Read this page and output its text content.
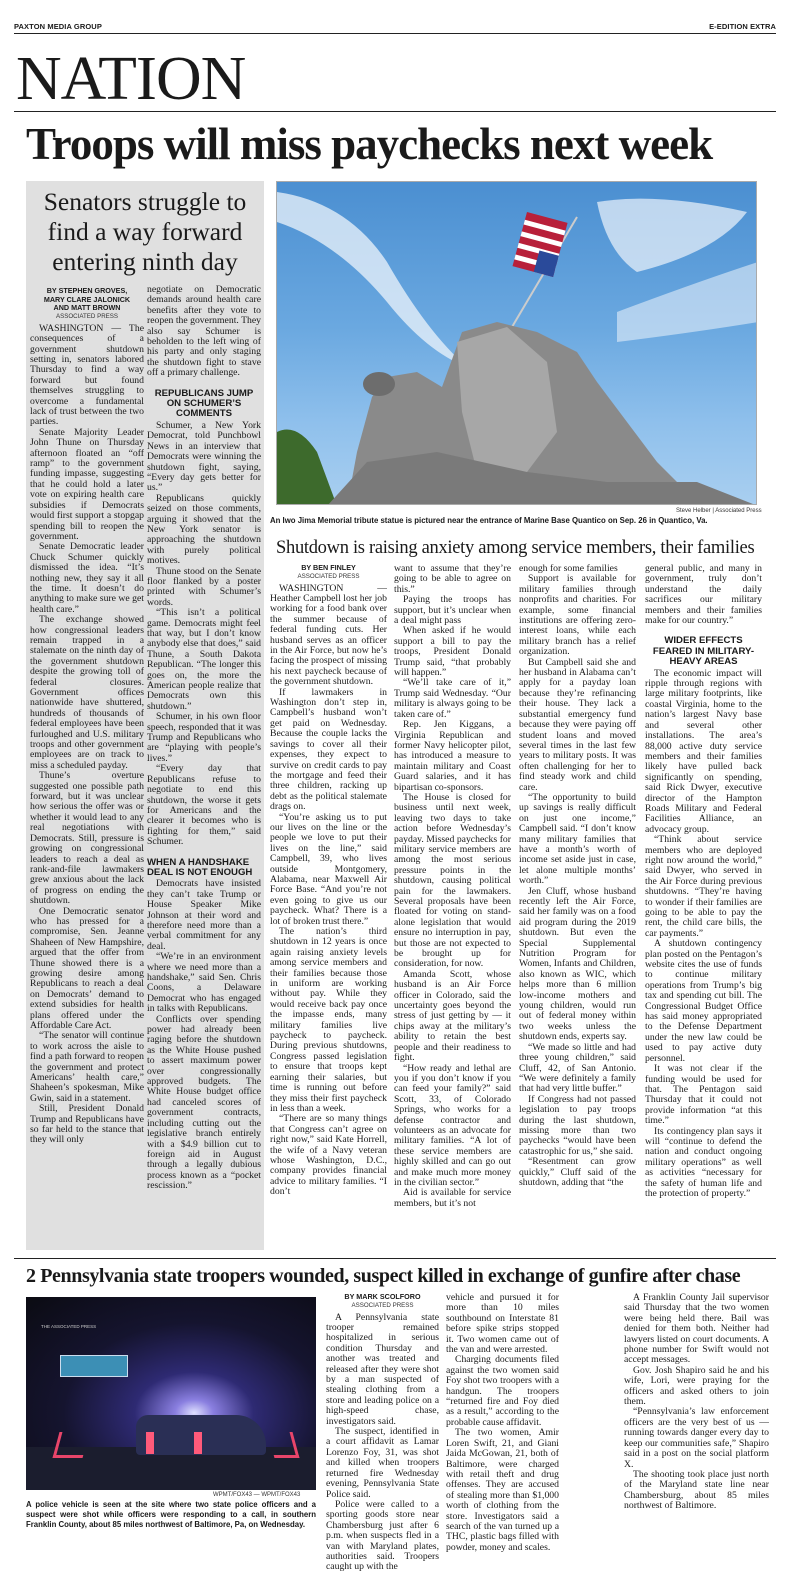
PAXTON MEDIA GROUP	E-EDITION EXTRA
NATION
Troops will miss paychecks next week
Senators struggle to find a way forward entering ninth day
BY STEPHEN GROVES,
MARY CLARE JALONICK
AND MATT BROWN
ASSOCIATED PRESS

WASHINGTON — The consequences of a government shutdown setting in, senators labored Thursday to find a way forward but found themselves struggling to overcome a fundamental lack of trust between the two parties.

Senate Majority Leader John Thune on Thursday afternoon floated an “off ramp” to the government funding impasse, suggesting that he could hold a later vote on expiring health care subsidies if Democrats would first support a stopgap spending bill to reopen the government.

Senate Democratic leader Chuck Schumer quickly dismissed the idea. “It’s nothing new, they say it all the time. It doesn’t do anything to make sure we get health care.”

The exchange showed how congressional leaders remain trapped in a stalemate on the ninth day of the government shutdown despite the growing toll of federal closures. Government offices nationwide have shuttered, hundreds of thousands of federal employees have been furloughed and U.S. military troops and other government employees are on track to miss a scheduled payday.

Thune’s overture suggested one possible path forward, but it was unclear how serious the offer was or whether it would lead to any real negotiations with Democrats. Still, pressure is growing on congressional leaders to reach a deal as rank-and-file lawmakers grew anxious about the lack of progress on ending the shutdown.

One Democratic senator who has pressed for a compromise, Sen. Jeanne Shaheen of New Hampshire, argued that the offer from Thune showed there is a growing desire among Republicans to reach a deal on Democrats’ demand to extend subsidies for health plans offered under the Affordable Care Act.

“The senator will continue to work across the aisle to find a path forward to reopen the government and protect Americans’ health care,” Shaheen’s spokesman, Mike Gwin, said in a statement.

Still, President Donald Trump and Republicans have so far held to the stance that they will only

negotiate on Democratic demands around health care benefits after they vote to reopen the government. They also say Schumer is beholden to the left wing of his party and only staging the shutdown fight to stave off a primary challenge.

REPUBLICANS JUMP ON SCHUMER’S COMMENTS

Schumer, a New York Democrat, told Punchbowl News in an interview that Democrats were winning the shutdown fight, saying, “Every day gets better for us.”

Republicans quickly seized on those comments, arguing it showed that the New York senator is approaching the shutdown with purely political motives.

Thune stood on the Senate floor flanked by a poster printed with Schumer’s words.

“This isn’t a political game. Democrats might feel that way, but I don’t know anybody else that does,” said Thune, a South Dakota Republican. “The longer this goes on, the more the American people realize that Democrats own this shutdown.”

Schumer, in his own floor speech, responded that it was Trump and Republicans who are “playing with people’s lives.”

“Every day that Republicans refuse to negotiate to end this shutdown, the worse it gets for Americans and the clearer it becomes who is fighting for them,” said Schumer.

WHEN A HANDSHAKE DEAL IS NOT ENOUGH

Democrats have insisted they can’t take Trump or House Speaker Mike Johnson at their word and therefore need more than a verbal commitment for any deal.

“We’re in an environment where we need more than a handshake,” said Sen. Chris Coons, a Delaware Democrat who has engaged in talks with Republicans.

Conflicts over spending power had already been raging before the shutdown as the White House pushed to assert maximum power over congressionally approved budgets. The White House budget office had canceled scores of government contracts, including cutting out the legislative branch entirely with a $4.9 billion cut to foreign aid in August through a legally dubious process known as a “pocket rescission.”

Steve Helber | Associated Press
An Iwo Jima Memorial tribute statue is pictured near the entrance of Marine Base Quantico on Sep. 26 in Quantico, Va.
Shutdown is raising anxiety among service members, their families
BY BEN FINLEY
ASSOCIATED PRESS

WASHINGTON — Heather Campbell lost her job working for a food bank over the summer because of federal funding cuts. Her husband serves as an officer in the Air Force, but now he’s facing the prospect of missing his next paycheck because of the government shutdown.

If lawmakers in Washington don’t step in, Campbell’s husband won’t get paid on Wednesday. Because the couple lacks the savings to cover all their expenses, they expect to survive on credit cards to pay the mortgage and feed their three children, racking up debt as the political stalemate drags on.

“You’re asking us to put our lives on the line or the people we love to put their lives on the line,” said Campbell, 39, who lives outside Montgomery, Alabama, near Maxwell Air Force Base. “And you’re not even going to give us our paycheck. What? There is a lot of broken trust there.”

The nation’s third shutdown in 12 years is once again raising anxiety levels among service members and their families because those in uniform are working without pay. While they would receive back pay once the impasse ends, many military families live paycheck to paycheck. During previous shutdowns, Congress passed legislation to ensure that troops kept earning their salaries, but time is running out before they miss their first paycheck in less than a week.

“There are so many things that Congress can’t agree on right now,” said Kate Horrell, the wife of a Navy veteran whose Washington, D.C., company provides financial advice to military families. “I don’t

want to assume that they’re going to be able to agree on this.”

Paying the troops has support, but it’s unclear when a deal might pass

When asked if he would support a bill to pay the troops, President Donald Trump said, “that probably will happen.”

“We’ll take care of it,” Trump said Wednesday. “Our military is always going to be taken care of.”

Rep. Jen Kiggans, a Virginia Republican and former Navy helicopter pilot, has introduced a measure to maintain military and Coast Guard salaries, and it has bipartisan co-sponsors.

The House is closed for business until next week, leaving two days to take action before Wednesday’s payday. Missed paychecks for military service members are among the most serious pressure points in the shutdown, causing political pain for the lawmakers. Several proposals have been floated for voting on stand-alone legislation that would ensure no interruption in pay, but those are not expected to be brought up for consideration, for now.

Amanda Scott, whose husband is an Air Force officer in Colorado, said the uncertainty goes beyond the stress of just getting by — it chips away at the military’s ability to retain the best people and their readiness to fight.

“How ready and lethal are you if you don’t know if you can feed your family?” said Scott, 33, of Colorado Springs, who works for a defense contractor and volunteers as an advocate for military families. “A lot of these service members are highly skilled and can go out and make much more money in the civilian sector.”

Aid is available for service members, but it’s not

enough for some families

Support is available for military families through nonprofits and charities. For example, some financial institutions are offering zero-interest loans, while each military branch has a relief organization.

But Campbell said she and her husband in Alabama can’t apply for a payday loan because they’re refinancing their house. They lack a substantial emergency fund because they were paying off student loans and moved several times in the last few years to military posts. It was often challenging for her to find steady work and child care.

“The opportunity to build up savings is really difficult on just one income,” Campbell said. “I don’t know many military families that have a month’s worth of income set aside just in case, let alone multiple months’ worth.”

Jen Cluff, whose husband recently left the Air Force, said her family was on a food aid program during the 2019 shutdown. But even the Special Supplemental Nutrition Program for Women, Infants and Children, also known as WIC, which helps more than 6 million low-income mothers and young children, would run out of federal money within two weeks unless the shutdown ends, experts say.

“We made so little and had three young children,” said Cluff, 42, of San Antonio. “We were definitely a family that had very little buffer.”

If Congress had not passed legislation to pay troops during the last shutdown, missing more than two paychecks “would have been catastrophic for us,” she said.

“Resentment can grow quickly,” Cluff said of the shutdown, adding that “the

general public, and many in government, truly don’t understand the daily sacrifices our military members and their families make for our country.”

WIDER EFFECTS FEARED IN MILITARY-HEAVY AREAS

The economic impact will ripple through regions with large military footprints, like coastal Virginia, home to the nation’s largest Navy base and several other installations. The area’s 88,000 active duty service members and their families likely have pulled back significantly on spending, said Rick Dwyer, executive director of the Hampton Roads Military and Federal Facilities Alliance, an advocacy group.

“Think about service members who are deployed right now around the world,” said Dwyer, who served in the Air Force during previous shutdowns. “They’re having to wonder if their families are going to be able to pay the rent, the child care bills, the car payments.”

A shutdown contingency plan posted on the Pentagon’s website cites the use of funds to continue military operations from Trump’s big tax and spending cut bill. The Congressional Budget Office has said money appropriated to the Defense Department under the new law could be used to pay active duty personnel.

It was not clear if the funding would be used for that. The Pentagon said Thursday that it could not provide information “at this time.”

Its contingency plan says it will “continue to defend the nation and conduct ongoing military operations” as well as activities “necessary for the safety of human life and the protection of property.”

2 Pennsylvania state troopers wounded, suspect killed in exchange of gunfire after chase
THE ASSOCIATED PRESS
WPMT/FOX43 — WPMT/FOX43
A police vehicle is seen at the site where two state police officers and a suspect were shot while officers were responding to a call, in southern Franklin County, about 85 miles northwest of Baltimore, Pa, on Wednesday.
BY MARK SCOLFORO
ASSOCIATED PRESS

A Pennsylvania state trooper remained hospitalized in serious condition Thursday and another was treated and released after they were shot by a man suspected of stealing clothing from a store and leading police on a high-speed chase, investigators said.

The suspect, identified in a court affidavit as Lamar Lorenzo Foy, 31, was shot and killed when troopers returned fire Wednesday evening, Pennsylvania State Police said.

Police were called to a sporting goods store near Chambersburg just after 6 p.m. when suspects fled in a van with Maryland plates, authorities said. Troopers caught up with the

vehicle and pursued it for more than 10 miles southbound on Interstate 81 before spike strips stopped it. Two women came out of the van and were arrested.

Charging documents filed against the two women said Foy shot two troopers with a handgun. The troopers “returned fire and Foy died as a result,” according to the probable cause affidavit.

The two women, Amir Loren Swift, 21, and Giani Jaida McGowan, 21, both of Baltimore, were charged with retail theft and drug offenses. They are accused of stealing more than $1,000 worth of clothing from the store. Investigators said a search of the van turned up a THC, plastic bags filled with powder, money and scales.

A Franklin County Jail supervisor said Thursday that the two women were being held there. Bail was denied for them both. Neither had lawyers listed on court documents. A phone number for Swift would not accept messages.

Gov. Josh Shapiro said he and his wife, Lori, were praying for the officers and asked others to join them.

“Pennsylvania’s law enforcement officers are the very best of us — running towards danger every day to keep our communities safe,” Shapiro said in a post on the social platform X.

The shooting took place just north of the Maryland state line near Chambersburg, about 85 miles northwest of Baltimore.
